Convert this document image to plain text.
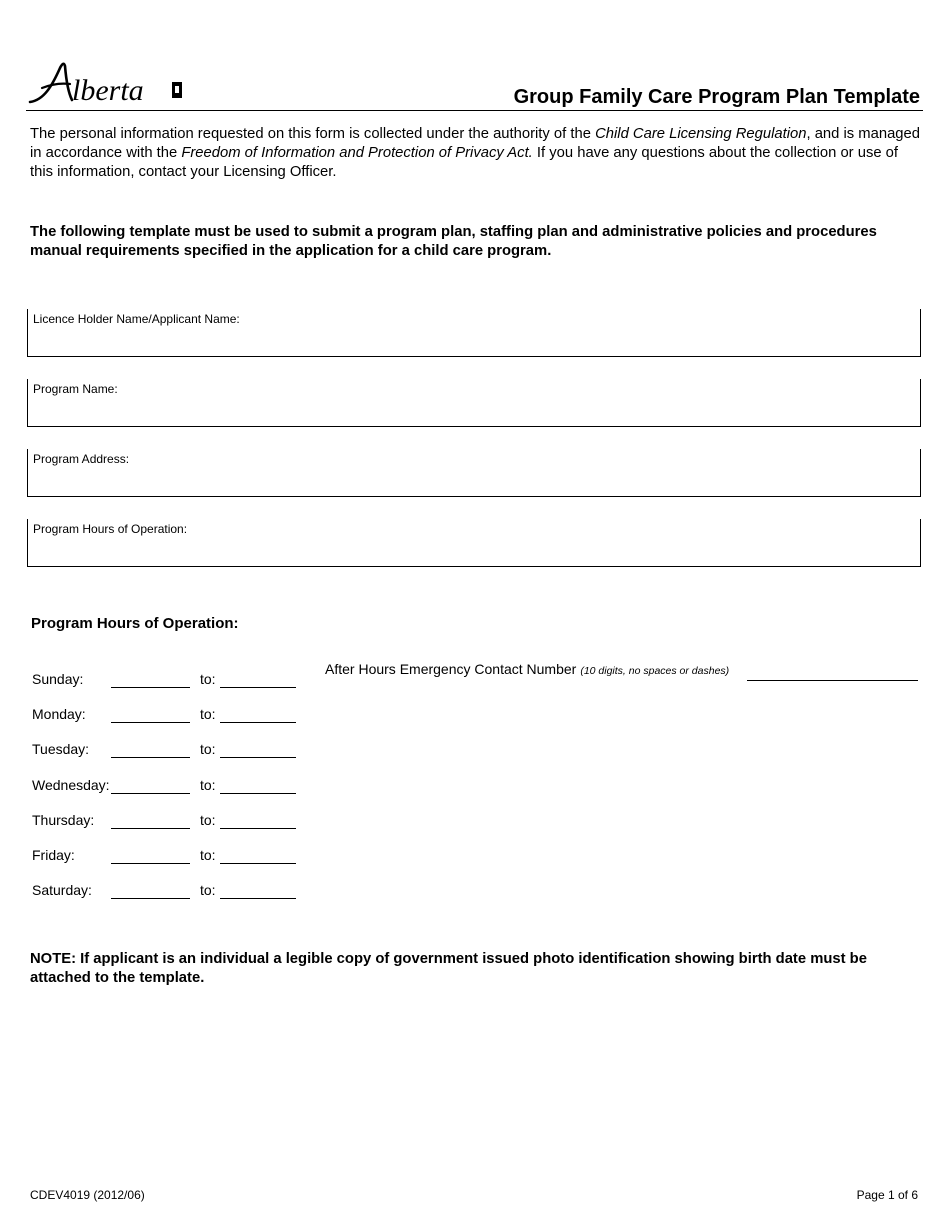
lberta	Group Family Care Program Plan Template
The personal information requested on this form is collected under the authority of the Child Care Licensing Regulation, and is managed in accordance with the Freedom of Information and Protection of Privacy Act. If you have any questions about the collection or use of this information, contact your Licensing Officer.
The following template must be used to submit a program plan, staffing plan and administrative policies and procedures manual requirements specified in the application for a child care program.
Licence Holder Name/Applicant Name:
Program Name:
Program Address:
Program Hours of Operation:
Program Hours of Operation:
Sunday:	to:
Monday:	to:
Tuesday:	to:
Wednesday:	to:
Thursday:	to:
Friday:	to:
Saturday:	to:
After Hours Emergency Contact Number (10 digits, no spaces or dashes)
NOTE: If applicant is an individual a legible copy of government issued photo identification showing birth date must be attached to the template.
CDEV4019 (2012/06)	Page 1 of 6
